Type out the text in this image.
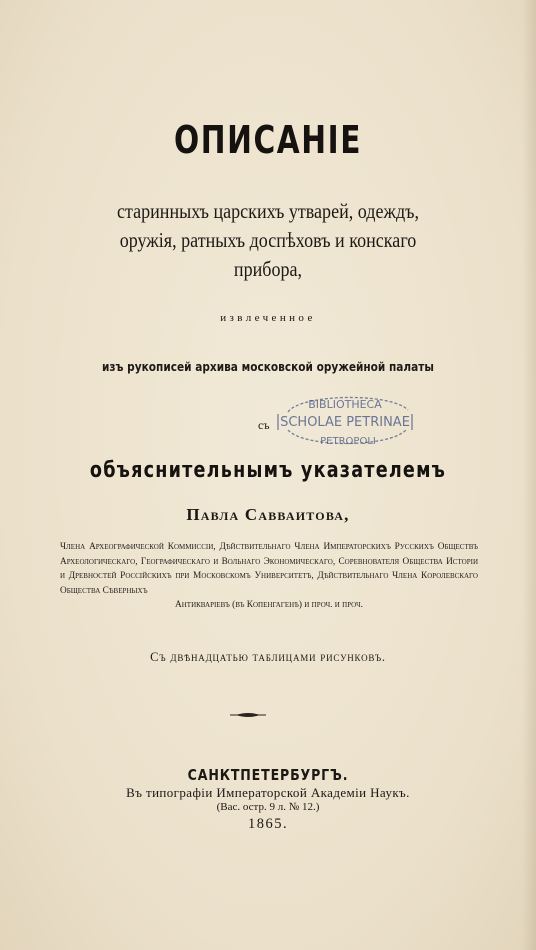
ОПИСАНІЕ
старинныхъ царскихъ утварей, одеждъ,
оружія, ратныхъ доспѣховъ и конскаго
прибора,
извлеченное
изъ рукописей архива московской оружейной палаты
BIBLIOTHECA
SCHOLAE PETRINAE
PETROPOLI
съ
объяснительнымъ указателемъ
Павла Савваитова,
Члена Археографической Коммиссіи, Дѣйствительнаго Члена Императорскихъ Русскихъ Обществъ Археологическаго, Географическаго и Вольнаго Экономическаго, Соревнователя Общества Исторіи и Древностей Россійскихъ при Московскомъ Университетѣ, Дѣйствительнаго Члена Королевскаго Общества Сѣверныхъ
Антикваріевъ (въ Копенгагенѣ) и проч. и проч.
Съ двѣнадцатью таблицами рисунковъ.
САНКТПЕТЕРБУРГЪ.
Въ типографіи Императорской Академіи Наукъ.
(Вас. остр. 9 л. № 12.)
1865.
